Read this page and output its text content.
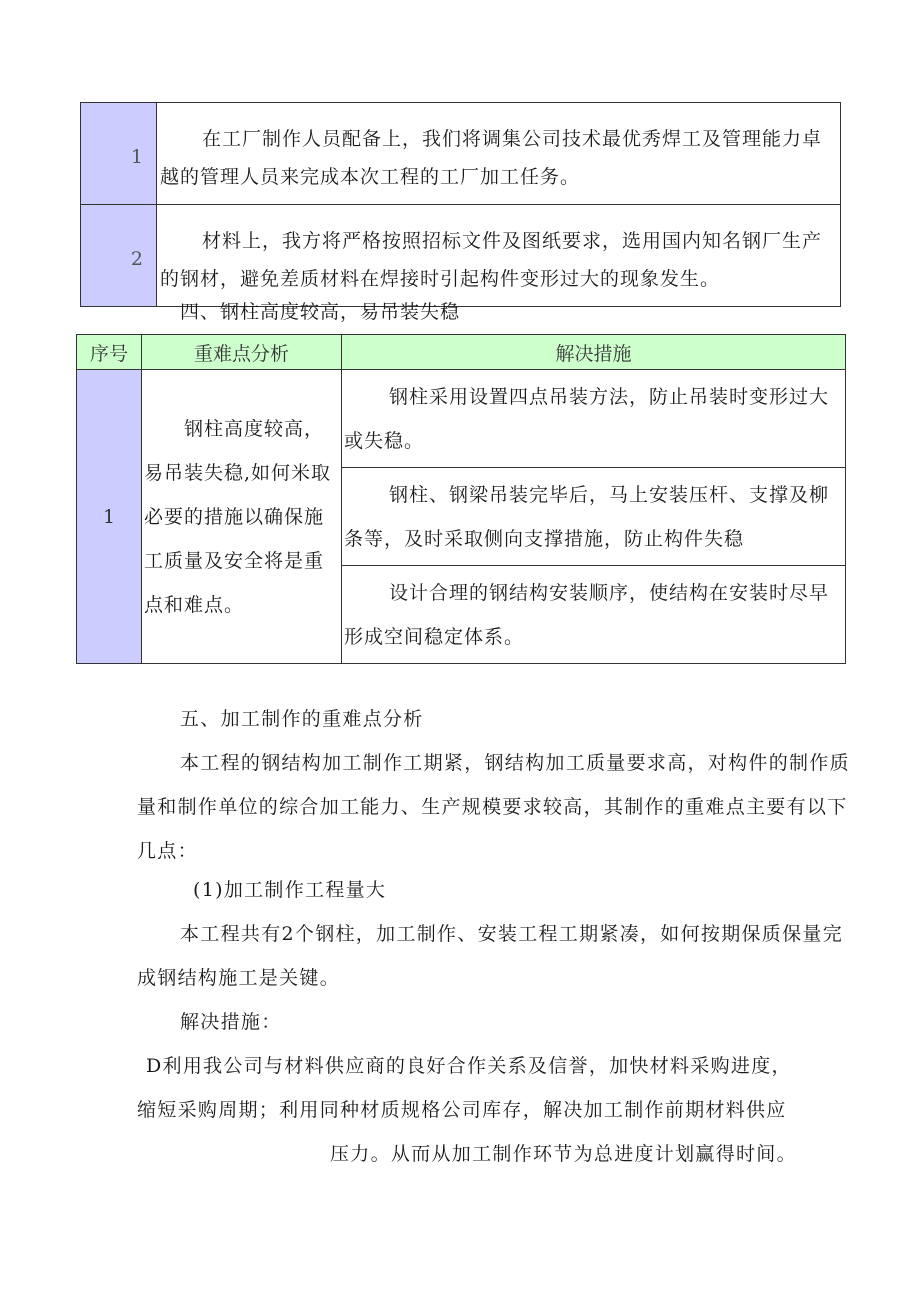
1	在工厂制作人员配备上，我们将调集公司技术最优秀焊工及管理能力卓越的管理人员来完成本次工程的工厂加工任务。
2	材料上，我方将严格按照招标文件及图纸要求，选用国内知名钢厂生产的钢材，避免差质材料在焊接时引起构件变形过大的现象发生。
四、钢柱高度较高，易吊装失稳
序号	重难点分析	解决措施
1	钢柱高度较高，易吊装失稳,如何米取必要的措施以确保施工质量及安全将是重点和难点。	钢柱采用设置四点吊装方法，防止吊装时变形过大或失稳。
		钢柱、钢梁吊装完毕后，马上安装压杆、支撑及柳条等，及时采取侧向支撑措施，防止构件失稳
		设计合理的钢结构安装顺序，使结构在安装时尽早形成空间稳定体系。
五、加工制作的重难点分析
本工程的钢结构加工制作工期紧，钢结构加工质量要求高，对构件的制作质量和制作单位的综合加工能力、生产规模要求较高，其制作的重难点主要有以下几点：
(1)加工制作工程量大
本工程共有2个钢柱，加工制作、安装工程工期紧凑，如何按期保质保量完成钢结构施工是关键。
解决措施：
D利用我公司与材料供应商的良好合作关系及信誉，加快材料采购进度，
缩短采购周期；利用同种材质规格公司库存，解决加工制作前期材料供应
压力。从而从加工制作环节为总进度计划赢得时间。
